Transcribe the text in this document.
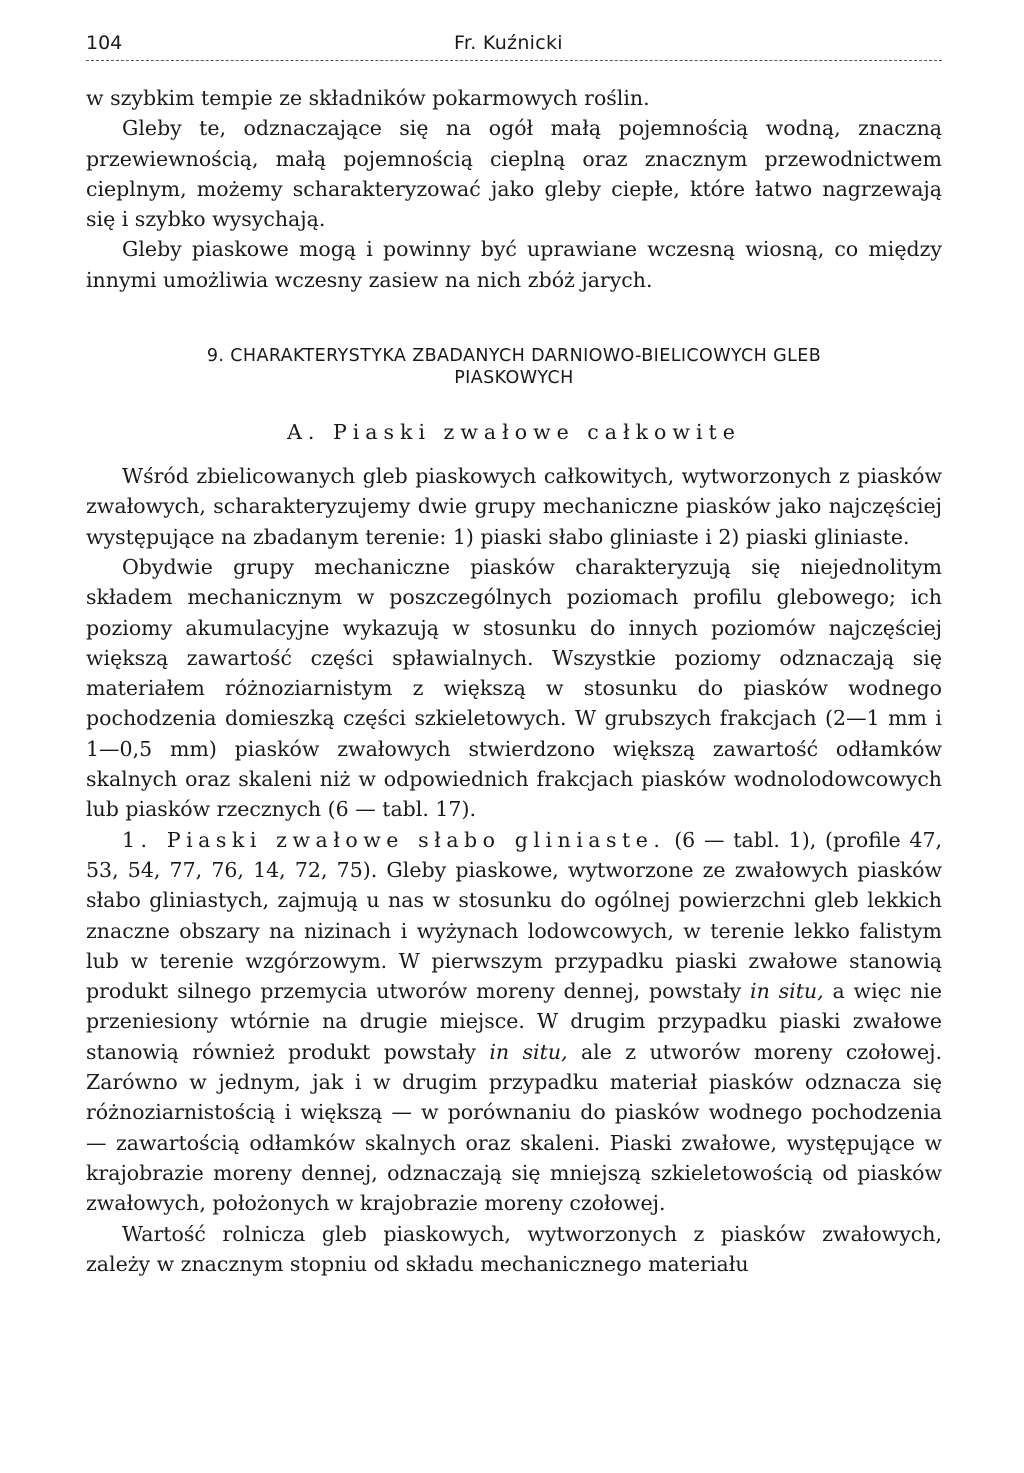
104	Fr. Kuźnicki

w szybkim tempie ze składników pokarmowych roślin.

Gleby te, odznaczające się na ogół małą pojemnością wodną, znaczną przewiewnością, małą pojemnością cieplną oraz znacznym przewodnictwem cieplnym, możemy scharakteryzować jako gleby ciepłe, które łatwo nagrzewają się i szybko wysychają.

Gleby piaskowe mogą i powinny być uprawiane wczesną wiosną, co między innymi umożliwia wczesny zasiew na nich zbóż jarych.

9. CHARAKTERYSTYKA ZBADANYCH DARNIOWO-BIELICOWYCH GLEB
PIASKOWYCH
A. Piaski zwałowe całkowite

Wśród zbielicowanych gleb piaskowych całkowitych, wytworzonych z piasków zwałowych, scharakteryzujemy dwie grupy mechaniczne piasków jako najczęściej występujące na zbadanym terenie: 1) piaski słabo gliniaste i 2) piaski gliniaste.

Obydwie grupy mechaniczne piasków charakteryzują się niejednolitym składem mechanicznym w poszczególnych poziomach profilu glebowego; ich poziomy akumulacyjne wykazują w stosunku do innych poziomów najczęściej większą zawartość części spławialnych. Wszystkie poziomy odznaczają się materiałem różnoziarnistym z większą w stosunku do piasków wodnego pochodzenia domieszką części szkieletowych. W grubszych frakcjach (2—1 mm i 1—0,5 mm) piasków zwałowych stwierdzono większą zawartość odłamków skalnych oraz skaleni niż w odpowiednich frakcjach piasków wodnolodowcowych lub piasków rzecznych (6 — tabl. 17).

1. Piaski zwałowe słabo gliniaste. (6 — tabl. 1), (profile 47, 53, 54, 77, 76, 14, 72, 75). Gleby piaskowe, wytworzone ze zwałowych piasków słabo gliniastych, zajmują u nas w stosunku do ogólnej powierzchni gleb lekkich znaczne obszary na nizinach i wyżynach lodowcowych, w terenie lekko falistym lub w terenie wzgórzowym. W pierwszym przypadku piaski zwałowe stanowią produkt silnego przemycia utworów moreny dennej, powstały in situ, a więc nie przeniesiony wtórnie na drugie miejsce. W drugim przypadku piaski zwałowe stanowią również produkt powstały in situ, ale z utworów moreny czołowej. Zarówno w jednym, jak i w drugim przypadku materiał piasków odznacza się różnoziarnistością i większą — w porównaniu do piasków wodnego pochodzenia — zawartością odłamków skalnych oraz skaleni. Piaski zwałowe, występujące w krajobrazie moreny dennej, odznaczają się mniejszą szkieletowością od piasków zwałowych, położonych w krajobrazie moreny czołowej.

Wartość rolnicza gleb piaskowych, wytworzonych z piasków zwałowych, zależy w znacznym stopniu od składu mechanicznego materiału
